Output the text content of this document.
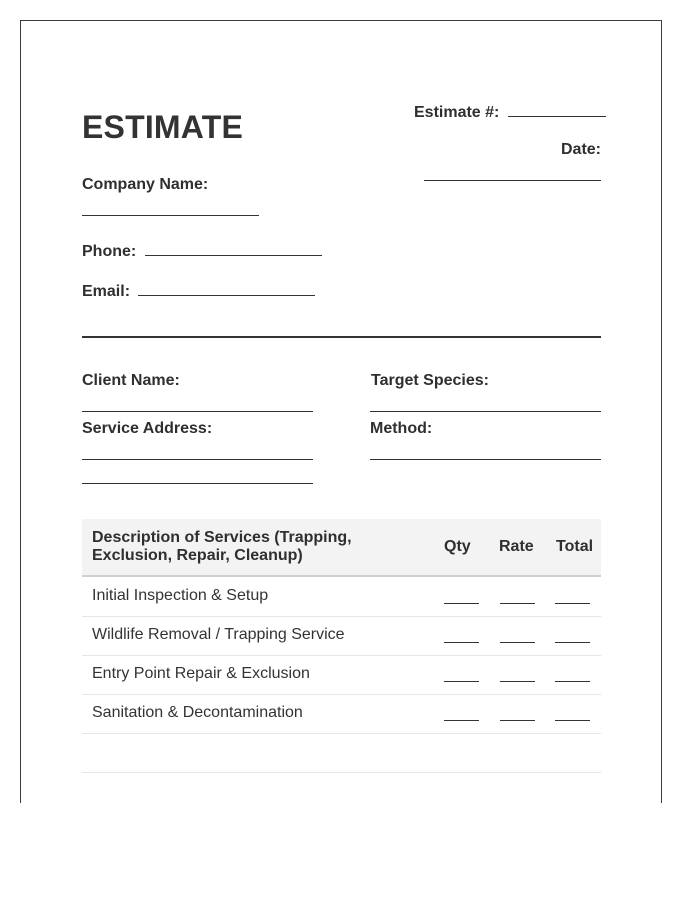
ESTIMATE	Estimate #:
Date:
Company Name:
Phone:
Email:
Client Name:	Target Species:
Service Address:	Method:
Description of Services (Trapping,
Exclusion, Repair, Cleanup)
Qty Rate Total
Initial Inspection & Setup
Wildlife Removal / Trapping Service
Entry Point Repair & Exclusion
Sanitation & Decontamination
